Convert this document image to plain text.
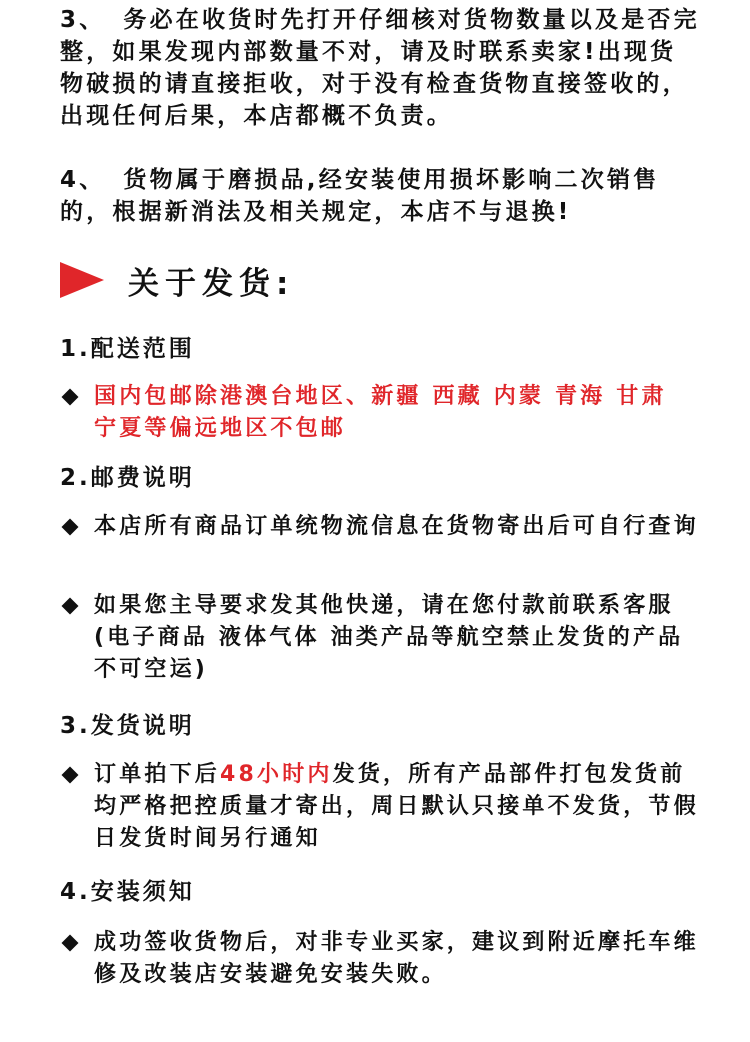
3、 务必在收货时先打开仔细核对货物数量以及是否完整，如果发现内部数量不对，请及时联系卖家!出现货物破损的请直接拒收，对于没有检查货物直接签收的，出现任何后果，本店都概不负责。

4、 货物属于磨损品,经安装使用损坏影响二次销售的，根据新消法及相关规定，本店不与退换!

关于发货:

1.配送范围

国内包邮除港澳台地区、新疆 西藏 内蒙 青海 甘肃 宁夏等偏远地区不包邮

2.邮费说明

本店所有商品订单统物流信息在货物寄出后可自行查询

如果您主导要求发其他快递，请在您付款前联系客服(电子商品 液体气体 油类产品等航空禁止发货的产品不可空运)

3.发货说明

订单拍下后48小时内发货，所有产品部件打包发货前均严格把控质量才寄出，周日默认只接单不发货，节假日发货时间另行通知

4.安装须知

成功签收货物后，对非专业买家，建议到附近摩托车维修及改装店安装避免安装失败。
